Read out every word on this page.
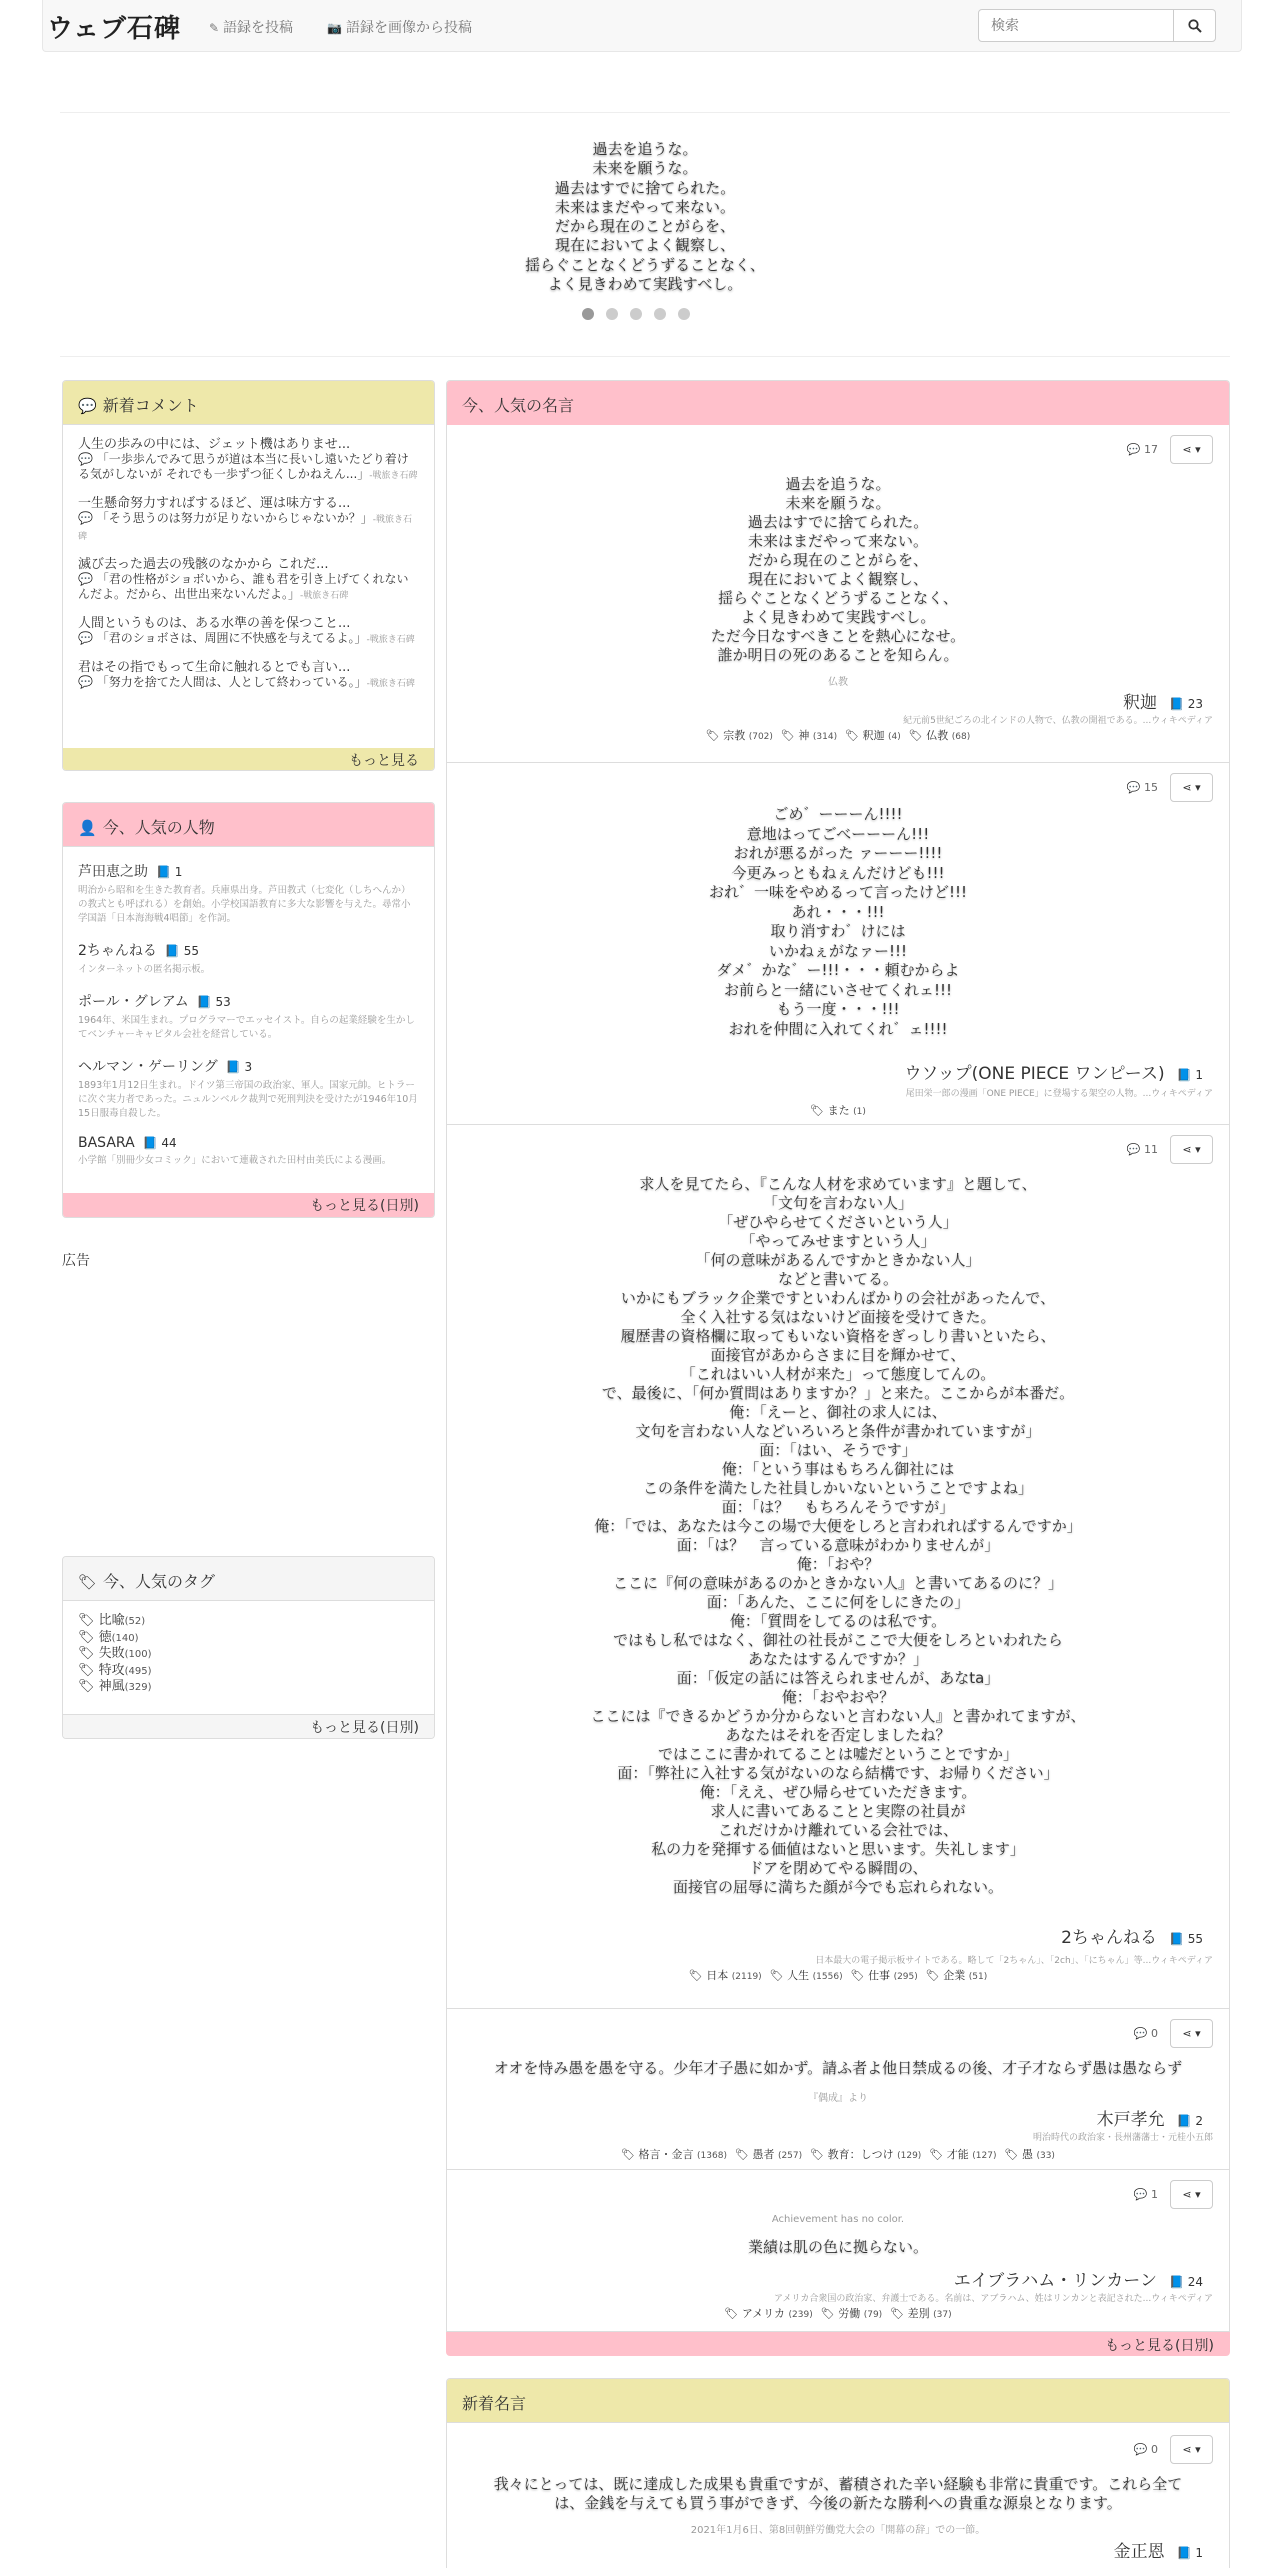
ウェブ石碑 ✎ 語録を投稿	📷 語録を画像から投稿
検索
過去を追うな。
未来を願うな。
過去はすでに捨てられた。
未来はまだやって来ない。
だから現在のことがらを、
現在においてよく観察し、
揺らぐことなくどうずることなく、
よく見きわめて実践すべし。
💬 新着コメント
人生の歩みの中には、ジェット機はありませ...
💬 「一歩歩んでみて思うが道は本当に長いし遠いたどり着ける気がしないが それでも一歩ずつ征くしかねえん...」-戦旅き石碑
一生懸命努力すればするほど、運は味方する...
💬 「そう思うのは努力が足りないからじゃないか？」-戦旅き石碑
滅び去った過去の残骸のなかから これだ...
💬 「君の性格がショボいから、誰も君を引き上げてくれないんだよ。だから、出世出来ないんだよ。」-戦旅き石碑
人間というものは、ある水準の善を保つこと...
💬 「君のショボさは、周囲に不快感を与えてるよ。」-戦旅き石碑
君はその指でもって生命に触れるとでも言い...
💬 「努力を捨てた人間は、人として終わっている。」-戦旅き石碑
もっと見る
👤 今、人気の人物
芦田恵之助 📘 1
明治から昭和を生きた教育者。兵庫県出身。芦田教式（七変化（しちへんか）の教式とも呼ばれる）を創始。小学校国語教育に多大な影響を与えた。尋常小学国語「日本海海戦4唱節」を作詞。
2ちゃんねる 📘 55
インターネットの匿名掲示板。
ポール・グレアム 📘 53
1964年、米国生まれ。プログラマーでエッセイスト。自らの起業経験を生かしてベンチャーキャピタル会社を経営している。
ヘルマン・ゲーリング 📘 3
1893年1月12日生まれ。ドイツ第三帝国の政治家、軍人。国家元帥。ヒトラーに次ぐ実力者であった。ニュルンベルク裁判で死刑判決を受けたが1946年10月15日服毒自殺した。
BASARA 📘 44
小学館「別冊少女コミック」において連載された田村由美氏による漫画。
もっと見る(日別)
広告
🏷 今、人気のタグ
🏷 比喩(52)
🏷 徳(140)
🏷 失敗(100)
🏷 特攻(495)
🏷 神風(329)
もっと見る(日別)
今、人気の名言
💬 17 ⋖ ▾
過去を追うな。
未来を願うな。
過去はすでに捨てられた。
未来はまだやって来ない。
だから現在のことがらを、
現在においてよく観察し、
揺らぐことなくどうずることなく、
よく見きわめて実践すべし。
ただ今日なすべきことを熱心になせ。
誰か明日の死のあることを知らん。
仏教
釈迦 📘 23
紀元前5世紀ごろの北インドの人物で、仏教の開祖である。...ウィキペディア
🏷 宗教 (702) 🏷 神 (314) 🏷 釈迦 (4) 🏷 仏教 (68)
💬 15 ⋖ ▾
ごめ゛ーーーん!!!!
意地はってごべーーーん!!!
おれが悪るがった ァーーー!!!!
今更みっともねぇんだけども!!!
おれ゛一味をやめるって言ったけど!!!
あれ・・・!!!
取り消すわ゛けには
いかねぇがなァー!!!
ダメ゛かな゛ー!!!・・・頼むからよ
お前らと一緒にいさせてくれェ!!!
もう一度・・・!!!
おれを仲間に入れてくれ゛ェ!!!!
ウソップ(ONE PIECE ワンピース) 📘 1
尾田栄一郎の漫画「ONE PIECE」に登場する架空の人物。...ウィキペディア
🏷 また (1)
💬 11 ⋖ ▾
求人を見てたら、『こんな人材を求めています』と題して、
「文句を言わない人」
「ぜひやらせてくださいという人」
「やってみせますという人」
「何の意味があるんですかときかない人」
などと書いてる。
いかにもブラック企業ですといわんばかりの会社があったんで、
全く入社する気はないけど面接を受けてきた。
履歴書の資格欄に取ってもいない資格をぎっしり書いといたら、
面接官があからさまに目を輝かせて、
「これはいい人材が来た」って態度してんの。
で、最後に、「何か質問はありますか？」と来た。ここからが本番だ。
俺：「えーと、御社の求人には、
文句を言わない人などいろいろと条件が書かれていますが」
面：「はい、そうです」
俺：「という事はもちろん御社には
この条件を満たした社員しかいないということですよね」
面：「は？　もちろんそうですが」
俺：「では、あなたは今この場で大便をしろと言われればするんですか」
面：「は？　言っている意味がわかりませんが」
俺：「おや？
ここに『何の意味があるのかときかない人』と書いてあるのに？」
面：「あんた、ここに何をしにきたの」
俺：「質問をしてるのは私です。
ではもし私ではなく、御社の社長がここで大便をしろといわれたら
あなたはするんですか？」
面：「仮定の話には答えられませんが、あなta」
俺：「おやおや？
ここには『できるかどうか分からないと言わない人』と書かれてますが、
あなたはそれを否定しましたね？
ではここに書かれてることは嘘だということですか」
面：「弊社に入社する気がないのなら結構です、お帰りください」
俺：「ええ、ぜひ帰らせていただきます。
求人に書いてあることと実際の社員が
これだけかけ離れている会社では、
私の力を発揮する価値はないと思います。失礼します」
ドアを閉めてやる瞬間の、
面接官の屈辱に満ちた顔が今でも忘れられない。
2ちゃんねる 📘 55
日本最大の電子掲示板サイトである。略して「2ちゃん」、「2ch」、「にちゃん」等...ウィキペディア
🏷 日本 (2119) 🏷 人生 (1556) 🏷 仕事 (295) 🏷 企業 (51)
💬 0 ⋖ ▾
オオを恃み愚を愚を守る。少年才子愚に如かず。請ふ者よ他日禁成るの後、才子才ならず愚は愚ならず
『偶成』より
木戸孝允 📘 2
明治時代の政治家・長州藩藩士・元桂小五郎
🏷 格言・金言 (1368) 🏷 愚者 (257) 🏷 教育：しつけ (129) 🏷 才能 (127) 🏷 愚 (33)
💬 1 ⋖ ▾
Achievement has no color.
業績は肌の色に拠らない。
エイブラハム・リンカーン 📘 24
アメリカ合衆国の政治家、弁護士である。名前は、アブラハム、姓はリンカンと表記された...ウィキペディア
🏷 アメリカ (239) 🏷 労働 (79) 🏷 差別 (37)
もっと見る(日別)
新着名言
💬 0 ⋖ ▾
我々にとっては、既に達成した成果も貴重ですが、蓄積された辛い経験も非常に貴重です。これら全て
は、金銭を与えても買う事ができず、今後の新たな勝利への貴重な源泉となります。
2021年1月6日、第8回朝鮮労働党大会の「開幕の辞」での一節。
金正恩 📘 1
